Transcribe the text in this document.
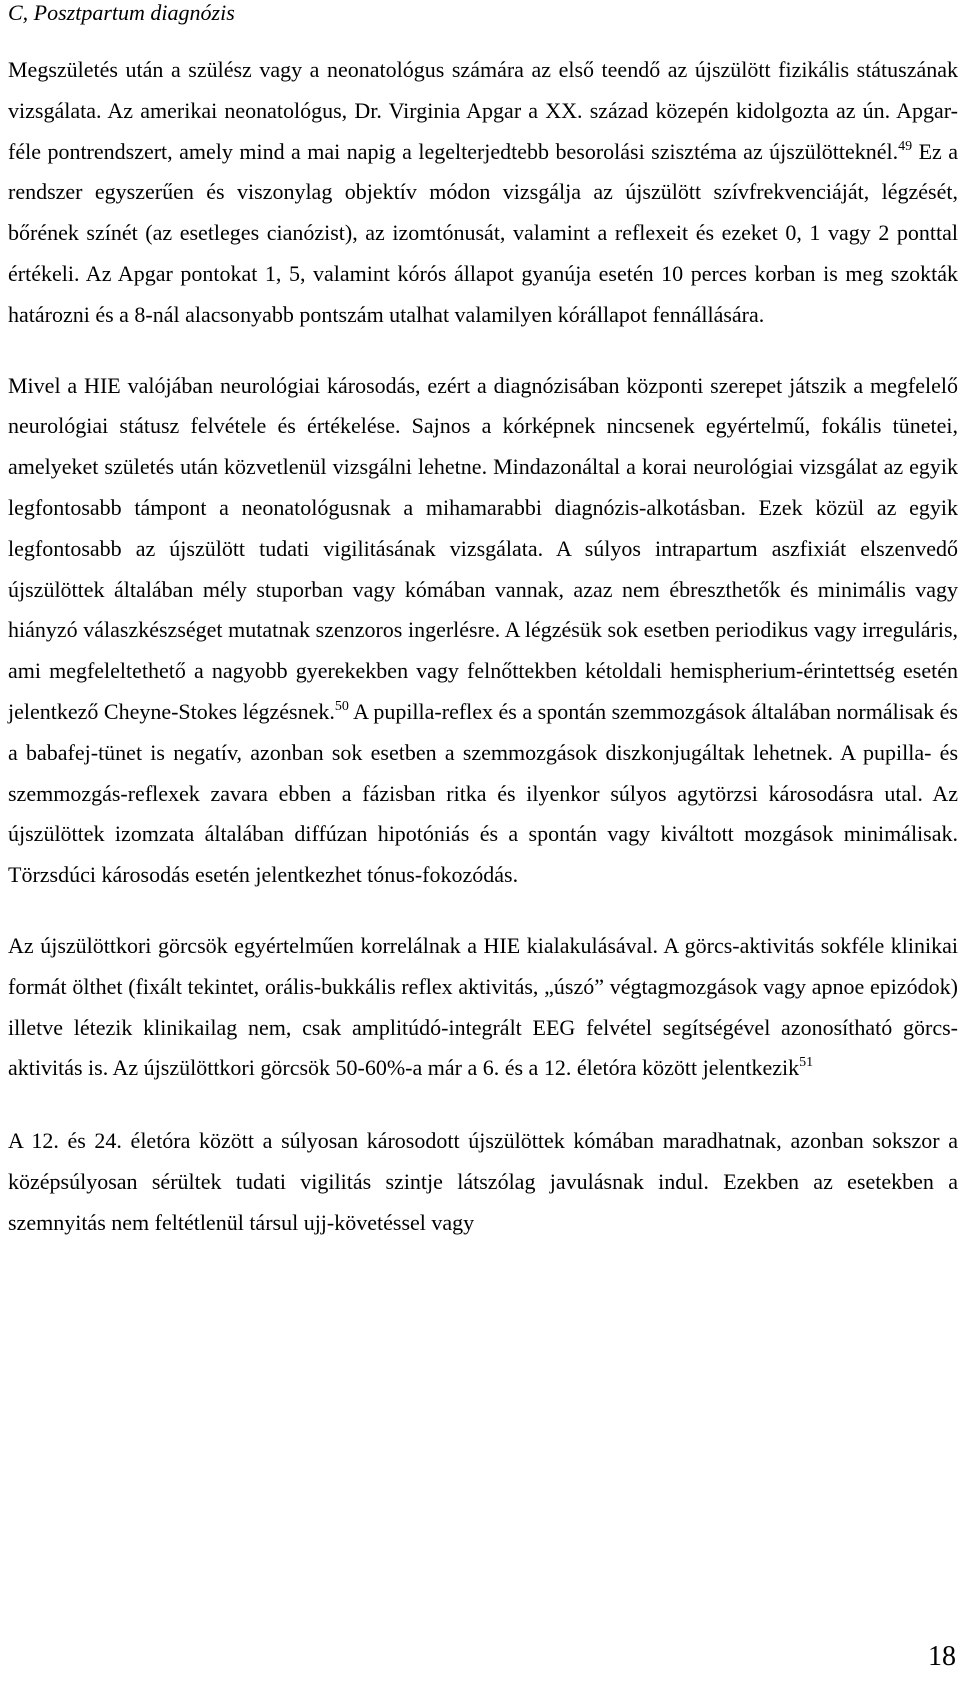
C, Posztpartum diagnózis

Megszületés után a szülész vagy a neonatológus számára az első teendő az újszülött fizikális státuszának vizsgálata. Az amerikai neonatológus, Dr. Virginia Apgar a XX. század közepén kidolgozta az ún. Apgar-féle pontrendszert, amely mind a mai napig a legelterjedtebb besorolási szisztéma az újszülötteknél.$^{49}$ Ez a rendszer egyszerűen és viszonylag objektív módon vizsgálja az újszülött szívfrekvenciáját, légzését, bőrének színét (az esetleges cianózist), az izomtónusát, valamint a reflexeit és ezeket 0, 1 vagy 2 ponttal értékeli. Az Apgar pontokat 1, 5, valamint kórós állapot gyanúja esetén 10 perces korban is meg szokták határozni és a 8-nál alacsonyabb pontszám utalhat valamilyen kórállapot fennállására.

Mivel a HIE valójában neurológiai károsodás, ezért a diagnózisában központi szerepet játszik a megfelelő neurológiai státusz felvétele és értékelése. Sajnos a kórképnek nincsenek egyértelmű, fokális tünetei, amelyeket születés után közvetlenül vizsgálni lehetne. Mindazonáltal a korai neurológiai vizsgálat az egyik legfontosabb támpont a neonatológusnak a mihamarabbi diagnózis-alkotásban. Ezek közül az egyik legfontosabb az újszülött tudati vigilitásának vizsgálata. A súlyos intrapartum aszfixiát elszenvedő újszülöttek általában mély stuporban vagy kómában vannak, azaz nem ébreszthetők és minimális vagy hiányzó válaszkészséget mutatnak szenzoros ingerlésre. A légzésük sok esetben periodikus vagy irreguláris, ami megfeleltethető a nagyobb gyerekekben vagy felnőttekben kétoldali hemispherium-érintettség esetén jelentkező Cheyne-Stokes légzésnek.$^{50}$ A pupilla-reflex és a spontán szemmozgások általában normálisak és a babafej-tünet is negatív, azonban sok esetben a szemmozgások diszkonjugáltak lehetnek. A pupilla- és szemmozgás-reflexek zavara ebben a fázisban ritka és ilyenkor súlyos agytörzsi károsodásra utal. Az újszülöttek izomzata általában diffúzan hipotóniás és a spontán vagy kiváltott mozgások minimálisak. Törzsdúci károsodás esetén jelentkezhet tónus-fokozódás.

Az újszülöttkori görcsök egyértelműen korrelálnak a HIE kialakulásával. A görcs-aktivitás sokféle klinikai formát ölthet (fixált tekintet, orális-bukkális reflex aktivitás, „úszó” végtagmozgások vagy apnoe epizódok) illetve létezik klinikailag nem, csak amplitúdó-integrált EEG felvétel segítségével azonosítható görcs-aktivitás is. Az újszülöttkori görcsök 50-60%-a már a 6. és a 12. életóra között jelentkezik$^{51}$

A 12. és 24. életóra között a súlyosan károsodott újszülöttek kómában maradhatnak, azonban sokszor a középsúlyosan sérültek tudati vigilitás szintje látszólag javulásnak indul. Ezekben az esetekben a szemnyitás nem feltétlenül társul ujj-követéssel vagy

18
